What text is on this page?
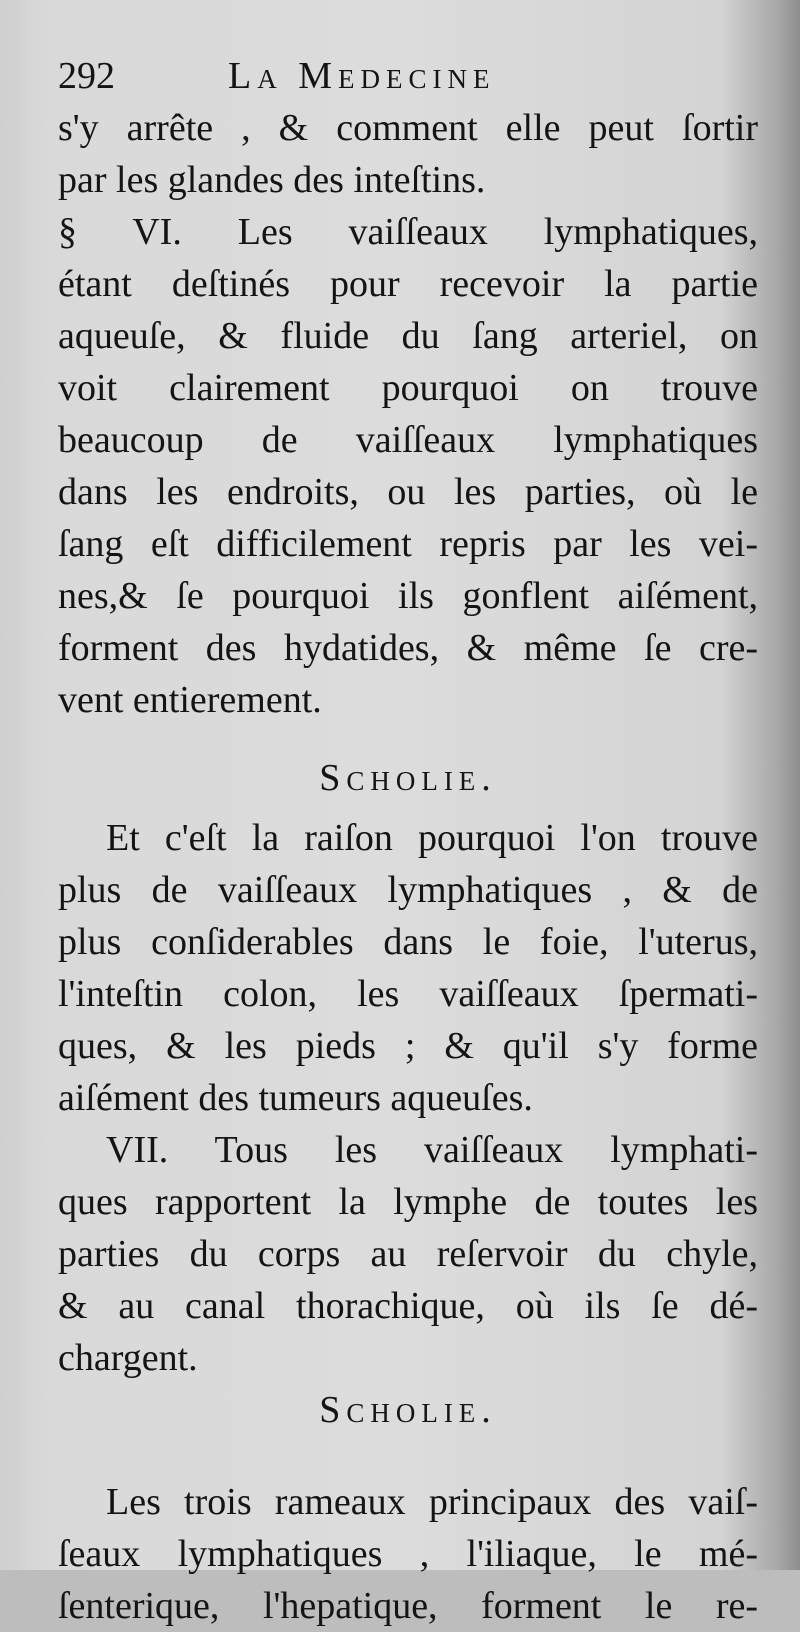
292	La Medecine
s'y arrête , & comment elle peut ſortir
par les glandes des inteſtins.
§ VI. Les vaiſſeaux lymphatiques,
étant deſtinés pour recevoir la partie
aqueuſe, & fluide du ſang arteriel, on
voit clairement pourquoi on trouve
beaucoup de vaiſſeaux lymphatiques
dans les endroits, ou les parties, où le
ſang eſt difficilement repris par les vei-
nes,& ſe pourquoi ils gonflent aiſément,
forment des hydatides, & même ſe cre-
vent entierement.
Scholie.
Et c'eſt la raiſon pourquoi l'on trouve
plus de vaiſſeaux lymphatiques , & de
plus conſiderables dans le foie, l'uterus,
l'inteſtin colon, les vaiſſeaux ſpermati-
ques, & les pieds ; & qu'il s'y forme
aiſément des tumeurs aqueuſes.
VII. Tous les vaiſſeaux lymphati-
ques rapportent la lymphe de toutes les
parties du corps au reſervoir du chyle,
& au canal thorachique, où ils ſe dé-
chargent.
Scholie.
Les trois rameaux principaux des vaiſ-
ſeaux lymphatiques , l'iliaque, le mé-
ſenterique, l'hepatique, forment le re-
